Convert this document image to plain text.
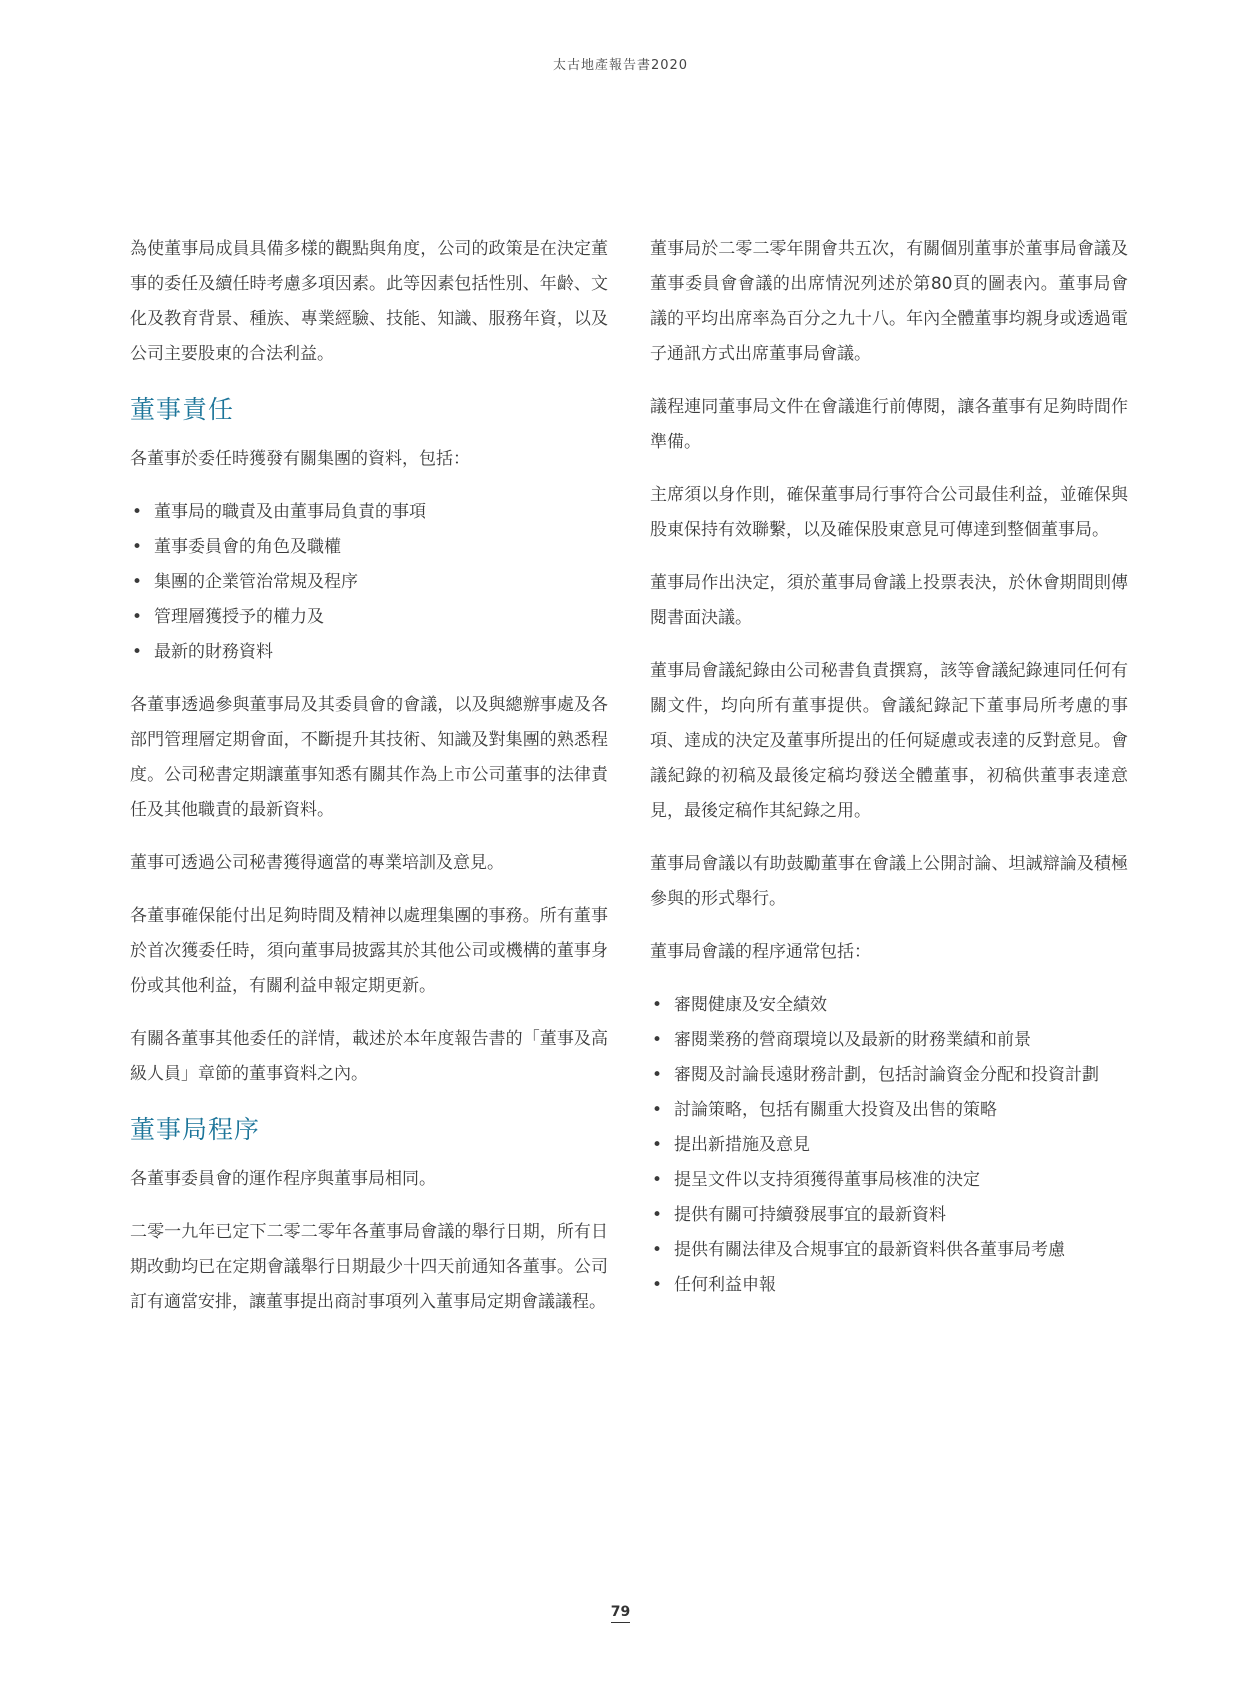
太古地產報告書2020

為使董事局成員具備多樣的觀點與角度，公司的政策是在決定董事的委任及續任時考慮多項因素。此等因素包括性別、年齡、文化及教育背景、種族、專業經驗、技能、知識、服務年資，以及公司主要股東的合法利益。

董事責任

各董事於委任時獲發有關集團的資料，包括：

• 董事局的職責及由董事局負責的事項
• 董事委員會的角色及職權
• 集團的企業管治常規及程序
• 管理層獲授予的權力及
• 最新的財務資料

各董事透過參與董事局及其委員會的會議，以及與總辦事處及各部門管理層定期會面，不斷提升其技術、知識及對集團的熟悉程度。公司秘書定期讓董事知悉有關其作為上市公司董事的法律責任及其他職責的最新資料。

董事可透過公司秘書獲得適當的專業培訓及意見。

各董事確保能付出足夠時間及精神以處理集團的事務。所有董事於首次獲委任時，須向董事局披露其於其他公司或機構的董事身份或其他利益，有關利益申報定期更新。

有關各董事其他委任的詳情，載述於本年度報告書的「董事及高級人員」章節的董事資料之內。

董事局程序

各董事委員會的運作程序與董事局相同。

二零一九年已定下二零二零年各董事局會議的舉行日期，所有日期改動均已在定期會議舉行日期最少十四天前通知各董事。公司訂有適當安排，讓董事提出商討事項列入董事局定期會議議程。

董事局於二零二零年開會共五次，有關個別董事於董事局會議及董事委員會會議的出席情況列述於第80頁的圖表內。董事局會議的平均出席率為百分之九十八。年內全體董事均親身或透過電子通訊方式出席董事局會議。

議程連同董事局文件在會議進行前傳閱，讓各董事有足夠時間作準備。

主席須以身作則，確保董事局行事符合公司最佳利益，並確保與股東保持有效聯繫，以及確保股東意見可傳達到整個董事局。

董事局作出決定，須於董事局會議上投票表決，於休會期間則傳閱書面決議。

董事局會議紀錄由公司秘書負責撰寫，該等會議紀錄連同任何有關文件，均向所有董事提供。會議紀錄記下董事局所考慮的事項、達成的決定及董事所提出的任何疑慮或表達的反對意見。會議紀錄的初稿及最後定稿均發送全體董事，初稿供董事表達意見，最後定稿作其紀錄之用。

董事局會議以有助鼓勵董事在會議上公開討論、坦誠辯論及積極參與的形式舉行。

董事局會議的程序通常包括：

• 審閱健康及安全績效
• 審閱業務的營商環境以及最新的財務業績和前景
• 審閱及討論長遠財務計劃，包括討論資金分配和投資計劃
• 討論策略，包括有關重大投資及出售的策略
• 提出新措施及意見
• 提呈文件以支持須獲得董事局核准的決定
• 提供有關可持續發展事宜的最新資料
• 提供有關法律及合規事宜的最新資料供各董事局考慮
• 任何利益申報
79
